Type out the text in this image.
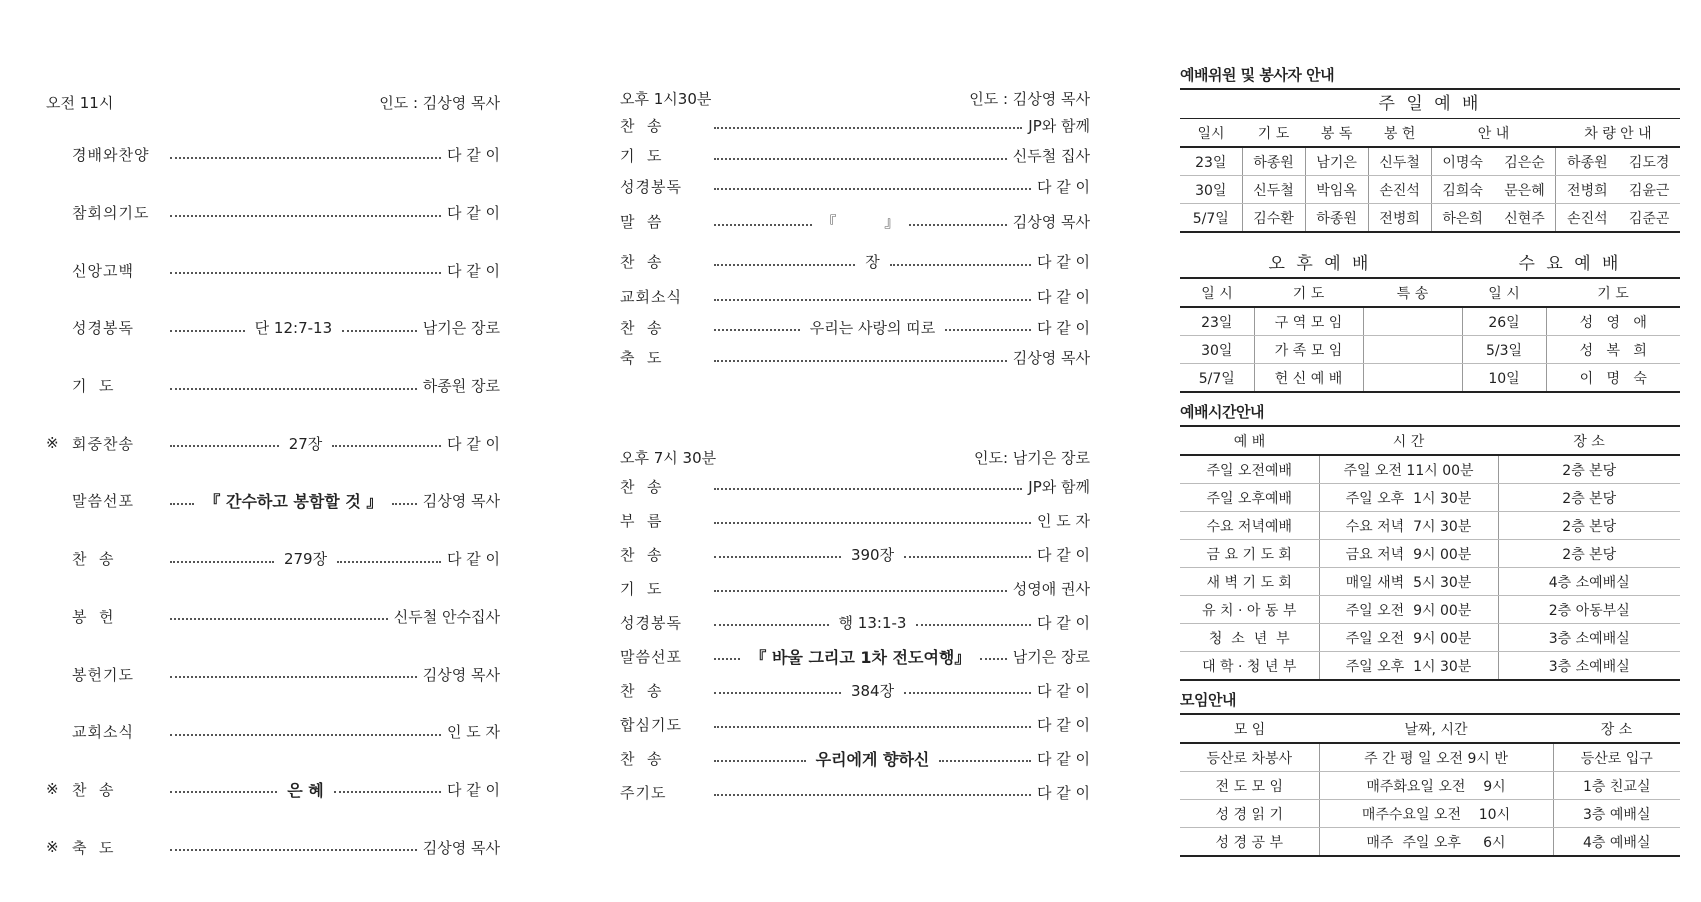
오전 11시	인도 : 김상영 목사
경배와찬양	다 같 이
참회의기도	다 같 이
신앙고백	다 같 이
성경봉독	단 12:7-13	남기은 장로
기  도	하종원 장로
※ 회중찬송	27장	다 같 이
말씀선포	『 간수하고 봉함할 것 』	김상영 목사
찬  송	279장	다 같 이
봉  헌	신두철 안수집사
봉헌기도	김상영 목사
교회소식	인 도 자
※ 찬  송	은 혜	다 같 이
※ 축  도	김상영 목사
오후 1시30분	인도 : 김상영 목사
찬  송	JP와 함께
기  도	신두철 집사
성경봉독	다 같 이
말  씀	『          』	김상영 목사
찬  송	장	다 같 이
교회소식	다 같 이
찬  송	우리는 사랑의 띠로	다 같 이
축  도	김상영 목사
오후 7시 30분	인도: 남기은 장로
찬  송	JP와 함께
부  름	인 도 자
찬  송	390장	다 같 이
기  도	성영애 권사
성경봉독	행 13:1-3	다 같 이
말씀선포	『 바울 그리고 1차 전도여행』	남기은 장로
찬  송	384장	다 같 이
합심기도	다 같 이
찬  송	우리에게 향하신	다 같 이
주기도	다 같 이
예배위원 및 봉사자 안내
주 일 예 배
일시	기 도	봉 독	봉 헌	안 내		차 량 안 내	
23일	하종원	남기은	신두철	이명숙	김은순	하종원	김도경
30일	신두철	박임옥	손진석	김희숙	문은혜	전병희	김윤근
5/7일	김수환	하종원	전병희	하은희	신현주	손진석	김준곤
오 후 예 배	수 요 예 배
일 시	기 도	특 송	일 시	기 도
23일	구 역 모 임		26일	성   영   애
30일	가 족 모 임		5/3일	성   복   희
5/7일	헌 신 예 배		10일	이   명   숙
예배시간안내
예 배	시 간	장 소
주일 오전예배	주일 오전 11시 00분	2층 본당
주일 오후예배	주일 오후  1시 30분	2층 본당
수요 저녁예배	수요 저녁  7시 30분	2층 본당
금 요 기 도 회	금요 저녁  9시 00분	2층 본당
새 벽 기 도 회	매일 새벽  5시 30분	4층 소예배실
유 치 · 아 동 부	주일 오전  9시 00분	2층 아동부실
청  소  년  부	주일 오전  9시 00분	3층 소예배실
대 학 · 청 년 부	주일 오후  1시 30분	3층 소예배실
모임안내
모 임	날짜, 시간	장 소
등산로 차봉사	주 간 평 일 오전 9시 반	등산로 입구
전 도 모 임	매주화요일 오전    9시	1층 친교실
성 경 읽 기	매주수요일 오전    10시	3층 예배실
성 경 공 부	매주  주일 오후     6시	4층 예배실
